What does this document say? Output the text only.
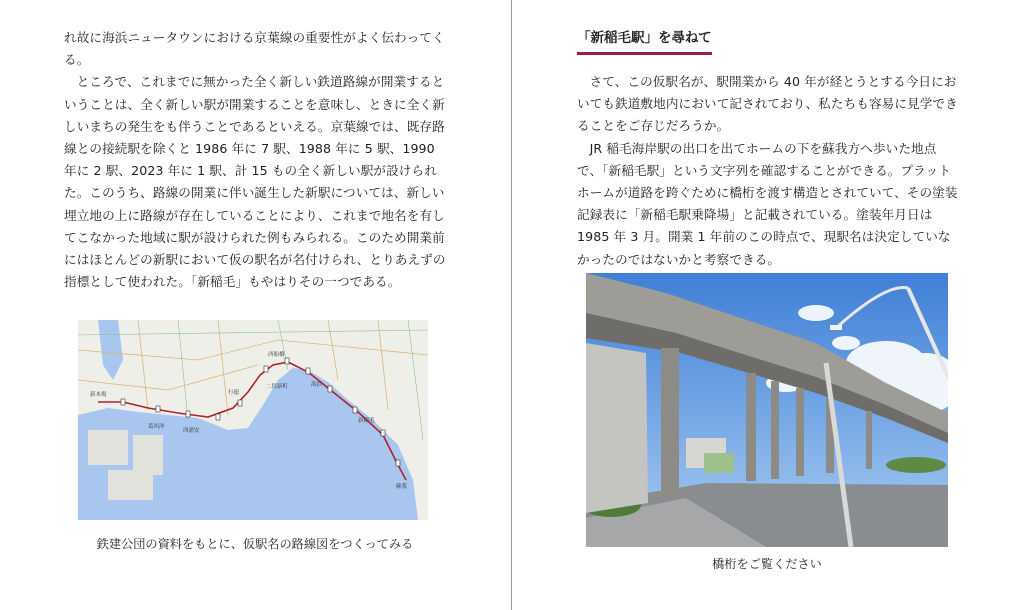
れ故に海浜ニュータウンにおける京葉線の重要性がよく伝わってくる。

ところで、これまでに無かった全く新しい鉄道路線が開業するということは、全く新しい駅が開業することを意味し、ときに全く新しいまちの発生をも伴うことであるといえる。京葉線では、既存路線との接続駅を除くと 1986 年に 7 駅、1988 年に 5 駅、1990 年に 2 駅、2023 年に 1 駅、計 15 もの全く新しい駅が設けられた。このうち、路線の開業に伴い誕生した新駅については、新しい埋立地の上に路線が存在していることにより、これまで地名を有してこなかった地域に駅が設けられた例もみられる。このため開業前にはほとんどの新駅において仮の駅名が名付けられ、とりあえずの指標として使われた。「新稲毛」もやはりその一つである。

新木場
葛西沖
西浦安
行徳
二俣新町
西船橋
海浜
新稲毛
蘇我
鉄建公団の資料をもとに、仮駅名の路線図をつくってみる
「新稲毛駅」を尋ねて

さて、この仮駅名が、駅開業から 40 年が経とうとする今日においても鉄道敷地内において記されており、私たちも容易に見学できることをご存じだろうか。

JR 稲毛海岸駅の出口を出てホームの下を蘇我方へ歩いた地点で、「新稲毛駅」という文字列を確認することができる。プラットホームが道路を跨ぐために橋桁を渡す構造とされていて、その塗装記録表に「新稲毛駅乗降場」と記載されている。塗装年月日は 1985 年 3 月。開業 1 年前のこの時点で、現駅名は決定していなかったのではないかと考察できる。

橋桁をご覧ください
